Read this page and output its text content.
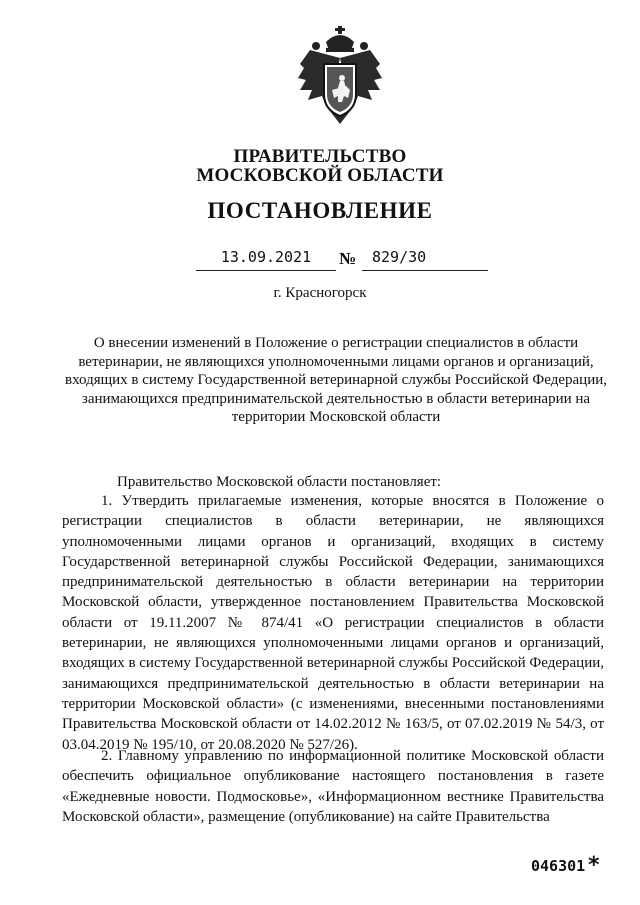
ПРАВИТЕЛЬСТВО
МОСКОВСКОЙ ОБЛАСТИ
ПОСТАНОВЛЕНИЕ
13.09.2021	№ 829/30
г. Красногорск
О внесении изменений в Положение о регистрации специалистов в области ветеринарии, не являющихся уполномоченными лицами органов и организаций, входящих в систему Государственной ветеринарной службы Российской Федерации, занимающихся предпринимательской деятельностью в области ветеринарии на территории Московской области
Правительство Московской области постановляет:
1. Утвердить прилагаемые изменения, которые вносятся в Положение о регистрации специалистов в области ветеринарии, не являющихся уполномоченными лицами органов и организаций, входящих в систему Государственной ветеринарной службы Российской Федерации, занимающихся предпринимательской деятельностью в области ветеринарии на территории Московской области, утвержденное постановлением Правительства Московской области от 19.11.2007 № 874/41 «О регистрации специалистов в области ветеринарии, не являющихся уполномоченными лицами органов и организаций, входящих в систему Государственной ветеринарной службы Российской Федерации, занимающихся предпринимательской деятельностью в области ветеринарии на территории Московской области» (с изменениями, внесенными постановлениями Правительства Московской области от 14.02.2012 № 163/5, от 07.02.2019 № 54/3, от 03.04.2019 № 195/10, от 20.08.2020 № 527/26).
2. Главному управлению по информационной политике Московской области обеспечить официальное опубликование настоящего постановления в газете «Ежедневные новости. Подмосковье», «Информационном вестнике Правительства Московской области», размещение (опубликование) на сайте Правительства
046301 *
